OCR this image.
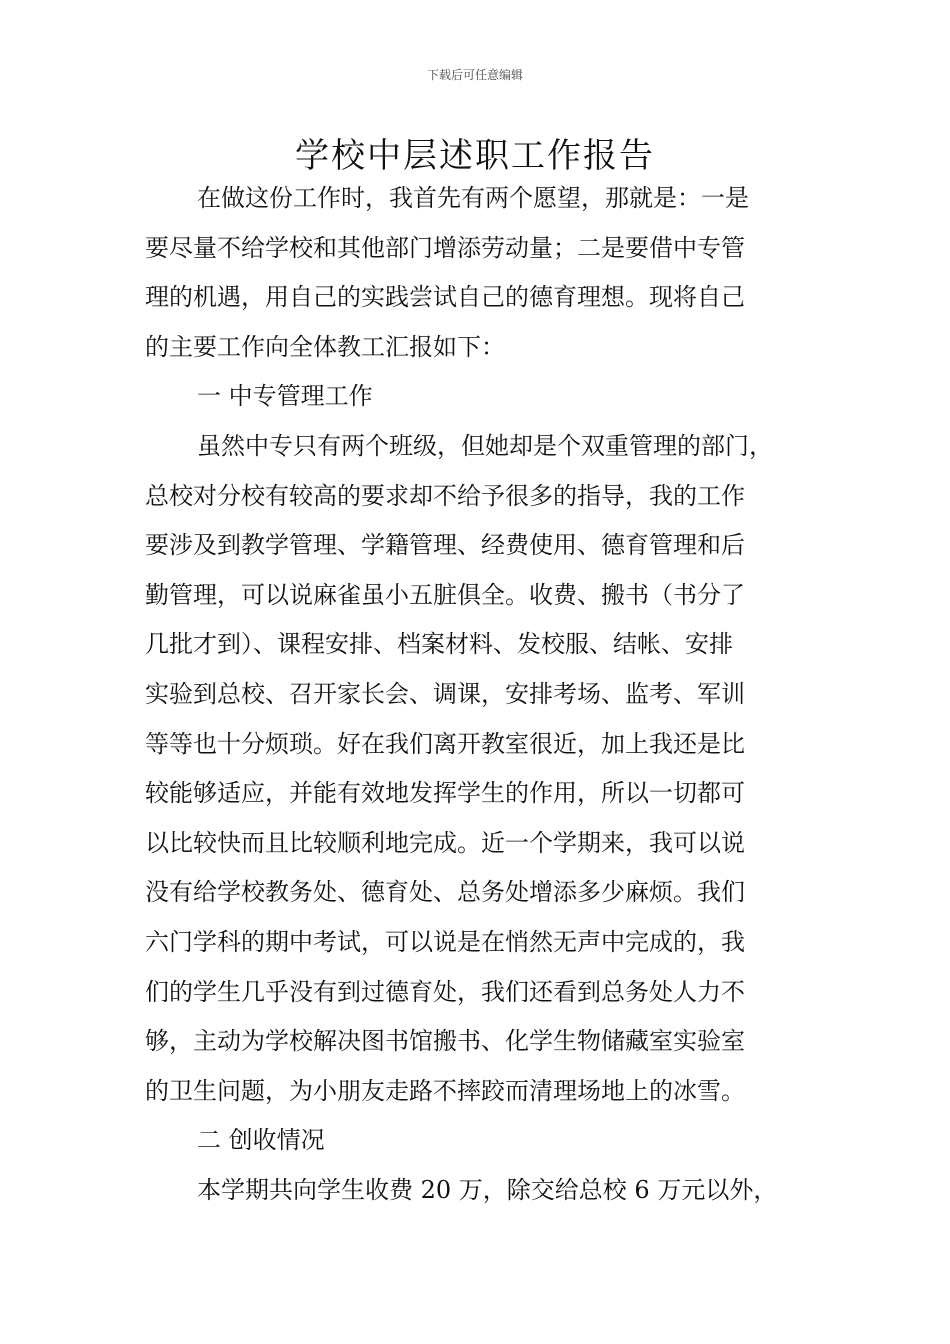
下载后可任意编辑
学校中层述职工作报告
在做这份工作时，我首先有两个愿望，那就是：一是
要尽量不给学校和其他部门增添劳动量；二是要借中专管
理的机遇，用自己的实践尝试自己的德育理想。现将自己
的主要工作向全体教工汇报如下：
一 中专管理工作
虽然中专只有两个班级，但她却是个双重管理的部门，
总校对分校有较高的要求却不给予很多的指导，我的工作
要涉及到教学管理、学籍管理、经费使用、德育管理和后
勤管理，可以说麻雀虽小五脏俱全。收费、搬书（书分了
几批才到）、课程安排、档案材料、发校服、结帐、安排
实验到总校、召开家长会、调课，安排考场、监考、军训
等等也十分烦琐。好在我们离开教室很近，加上我还是比
较能够适应，并能有效地发挥学生的作用，所以一切都可
以比较快而且比较顺利地完成。近一个学期来，我可以说
没有给学校教务处、德育处、总务处增添多少麻烦。我们
六门学科的期中考试，可以说是在悄然无声中完成的，我
们的学生几乎没有到过德育处，我们还看到总务处人力不
够，主动为学校解决图书馆搬书、化学生物储藏室实验室
的卫生问题，为小朋友走路不摔跤而清理场地上的冰雪。
二 创收情况
本学期共向学生收费 20 万，除交给总校 6 万元以外，
